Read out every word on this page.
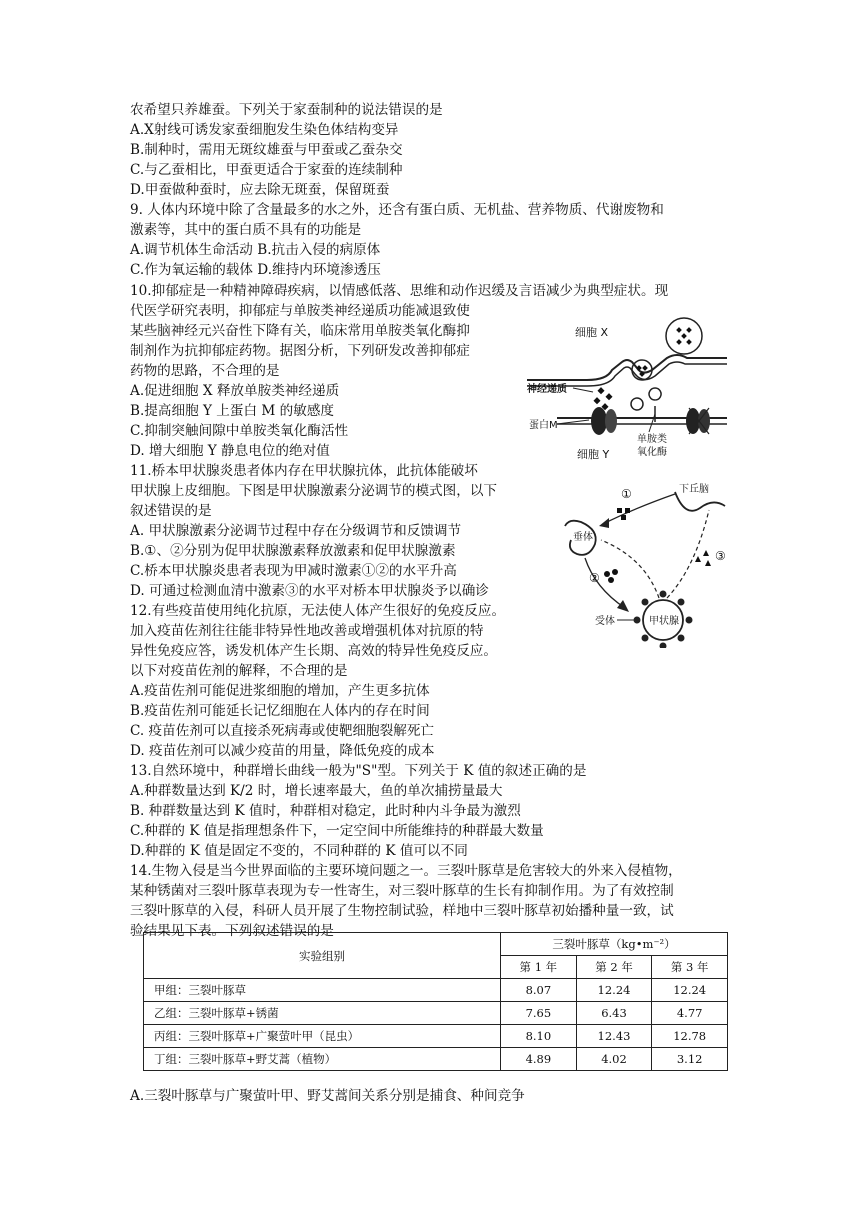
农希望只养雄蚕。下列关于家蚕制种的说法错误的是
A.X射线可诱发家蚕细胞发生染色体结构变异
B.制种时，需用无斑纹雄蚕与甲蚕或乙蚕杂交
C.与乙蚕相比，甲蚕更适合于家蚕的连续制种
D.甲蚕做种蚕时，应去除无斑蚕，保留斑蚕
9. 人体内环境中除了含量最多的水之外，还含有蛋白质、无机盐、营养物质、代谢废物和
激素等，其中的蛋白质不具有的功能是
A.调节机体生命活动 B.抗击入侵的病原体
C.作为氧运输的载体 D.维持内环境渗透压
10.抑郁症是一种精神障碍疾病，以情感低落、思维和动作迟缓及言语减少为典型症状。现
代医学研究表明，抑郁症与单胺类神经递质功能减退致使
某些脑神经元兴奋性下降有关，临床常用单胺类氧化酶抑
制剂作为抗抑郁症药物。据图分析，下列研发改善抑郁症
药物的思路，不合理的是
A.促进细胞 X 释放单胺类神经递质
B.提高细胞 Y 上蛋白 M 的敏感度
C.抑制突触间隙中单胺类氧化酶活性
D. 增大细胞 Y 静息电位的绝对值
11.桥本甲状腺炎患者体内存在甲状腺抗体，此抗体能破坏
甲状腺上皮细胞。下图是甲状腺激素分泌调节的模式图，以下
叙述错误的是
A. 甲状腺激素分泌调节过程中存在分级调节和反馈调节
B.①、②分别为促甲状腺激素释放激素和促甲状腺激素
C.桥本甲状腺炎患者表现为甲减时激素①②的水平升高
D. 可通过检测血清中激素③的水平对桥本甲状腺炎予以确诊
12.有些疫苗使用纯化抗原，无法使人体产生很好的免疫反应。
加入疫苗佐剂往往能非特异性地改善或增强机体对抗原的特
异性免疫应答，诱发机体产生长期、高效的特异性免疫反应。
以下对疫苗佐剂的解释，不合理的是
A.疫苗佐剂可能促进浆细胞的增加，产生更多抗体
B.疫苗佐剂可能延长记忆细胞在人体内的存在时间
C. 疫苗佐剂可以直接杀死病毒或使靶细胞裂解死亡
D. 疫苗佐剂可以减少疫苗的用量，降低免疫的成本
13.自然环境中，种群增长曲线一般为"S"型。下列关于 K 值的叙述正确的是
A.种群数量达到 K/2 时，增长速率最大，鱼的单次捕捞量最大
B. 种群数量达到 K 值时，种群相对稳定，此时种内斗争最为激烈
C.种群的 K 值是指理想条件下，一定空间中所能维持的种群最大数量
D.种群的 K 值是固定不变的，不同种群的 K 值可以不同
14.生物入侵是当今世界面临的主要环境问题之一。三裂叶豚草是危害较大的外来入侵植物，
某种锈菌对三裂叶豚草表现为专一性寄生，对三裂叶豚草的生长有抑制作用。为了有效控制
三裂叶豚草的入侵，科研人员开展了生物控制试验，样地中三裂叶豚草初始播种量一致，试
验结果见下表。下列叙述错误的是
A.三裂叶豚草与广聚萤叶甲、野艾蒿间关系分别是捕食、种间竞争
细胞 X
神经递质
蛋白M
单胺类
氧化酶
细胞 Y
下丘脑
垂体
①
②
③
甲状腺
受体
实验组别	三裂叶豚草（kg•m⁻²）		
	第 1 年	第 2 年	第 3 年
甲组：三裂叶豚草	8.07	12.24	12.24
乙组：三裂叶豚草+锈菌	7.65	6.43	4.77
丙组：三裂叶豚草+广聚萤叶甲（昆虫）	8.10	12.43	12.78
丁组：三裂叶豚草+野艾蒿（植物）	4.89	4.02	3.12
